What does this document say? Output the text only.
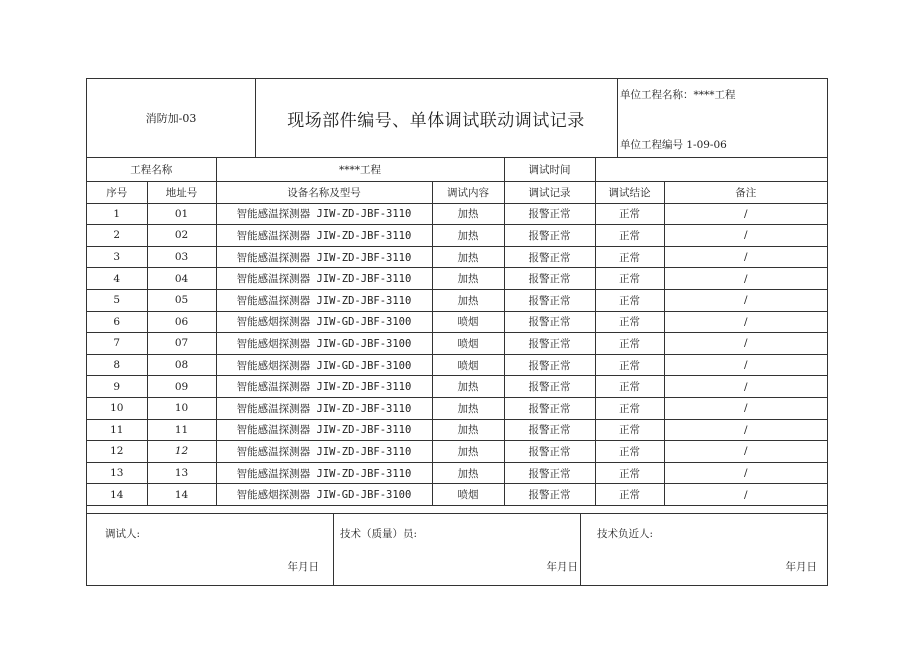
消防加-03	现场部件编号、单体调试联动调试记录
单位工程名称：****工程
单位工程编号 1-09-06
工程名称		****工程		调试时间		
序号	地址号	设备名称及型号	调试内容	调试记录	调试结论	备注
1	01	智能感温探测器 JIW-ZD-JBF-3110	加热	报警正常	正常	/
2	02	智能感温探测器 JIW-ZD-JBF-3110	加热	报警正常	正常	/
3	03	智能感温探测器 JIW-ZD-JBF-3110	加热	报警正常	正常	/
4	04	智能感温探测器 JIW-ZD-JBF-3110	加热	报警正常	正常	/
5	05	智能感温探测器 JIW-ZD-JBF-3110	加热	报警正常	正常	/
6	06	智能感烟探测器 JIW-GD-JBF-3100	喷烟	报警正常	正常	/
7	07	智能感烟探测器 JIW-GD-JBF-3100	喷烟	报警正常	正常	/
8	08	智能感烟探测器 JIW-GD-JBF-3100	喷烟	报警正常	正常	/
9	09	智能感温探测器 JIW-ZD-JBF-3110	加热	报警正常	正常	/
10	10	智能感温探测器 JIW-ZD-JBF-3110	加热	报警正常	正常	/
11	11	智能感温探测器 JIW-ZD-JBF-3110	加热	报警正常	正常	/
12	12	智能感温探测器 JIW-ZD-JBF-3110	加热	报警正常	正常	/
13	13	智能感温探测器 JIW-ZD-JBF-3110	加热	报警正常	正常	/
14	14	智能感烟探测器 JIW-GD-JBF-3100	喷烟	报警正常	正常	/
调试人:
年月日
技术（质量）员:
年月日
技术负近人:
年月日
